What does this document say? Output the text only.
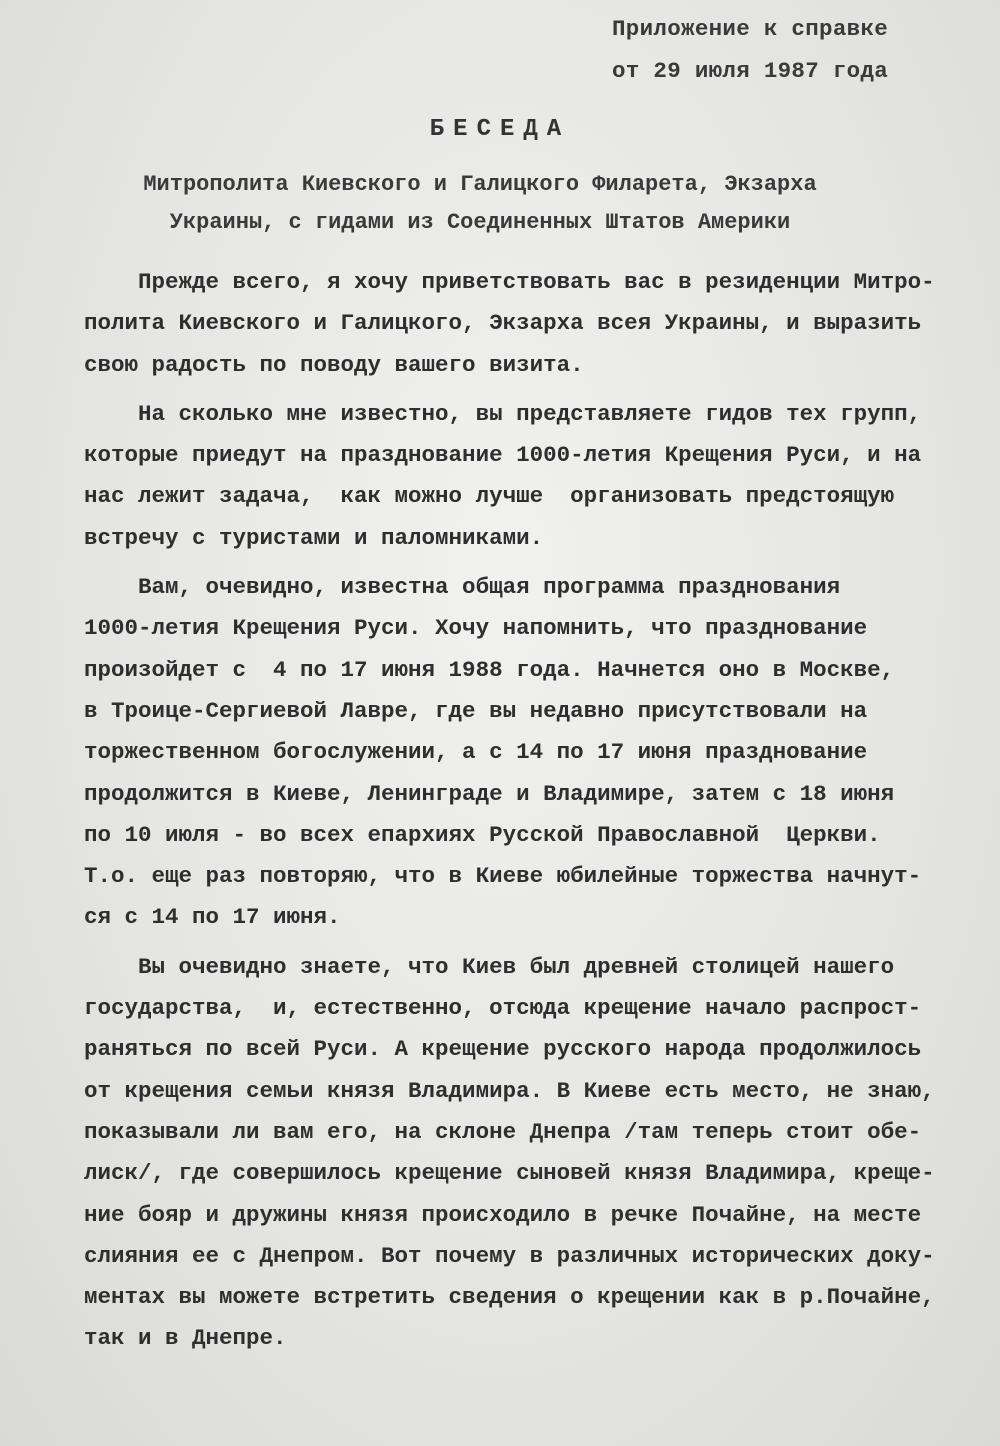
Приложение к справке
от 29 июля 1987 года
БЕСЕДА
Митрополита Киевского и Галицкого Филарета, Экзарха
Украины, с гидами из Соединенных Штатов Америки
Прежде всего, я хочу приветствовать вас в резиденции Митро-
полита Киевского и Галицкого, Экзарха всея Украины, и выразить
свою радость по поводу вашего визита.
На сколько мне известно, вы представляете гидов тех групп,
которые приедут на празднование 1000-летия Крещения Руси, и на
нас лежит задача,  как можно лучше  организовать предстоящую
встречу с туристами и паломниками.
Вам, очевидно, известна общая программа празднования
1000-летия Крещения Руси. Хочу напомнить, что празднование
произойдет с  4 по 17 июня 1988 года. Начнется оно в Москве,
в Троице-Сергиевой Лавре, где вы недавно присутствовали на
торжественном богослужении, а с 14 по 17 июня празднование
продолжится в Киеве, Ленинграде и Владимире, затем с 18 июня
по 10 июля - во всех епархиях Русской Православной  Церкви.
Т.о. еще раз повторяю, что в Киеве юбилейные торжества начнут-
ся с 14 по 17 июня.
Вы очевидно знаете, что Киев был древней столицей нашего
государства,  и, естественно, отсюда крещение начало распрост-
раняться по всей Руси. А крещение русского народа продолжилось
от крещения семьи князя Владимира. В Киеве есть место, не знаю,
показывали ли вам его, на склоне Днепра /там теперь стоит обе-
лиск/, где совершилось крещение сыновей князя Владимира, креще-
ние бояр и дружины князя происходило в речке Почайне, на месте
слияния ее с Днепром. Вот почему в различных исторических доку-
ментах вы можете встретить сведения о крещении как в р.Почайне,
так и в Днепре.
